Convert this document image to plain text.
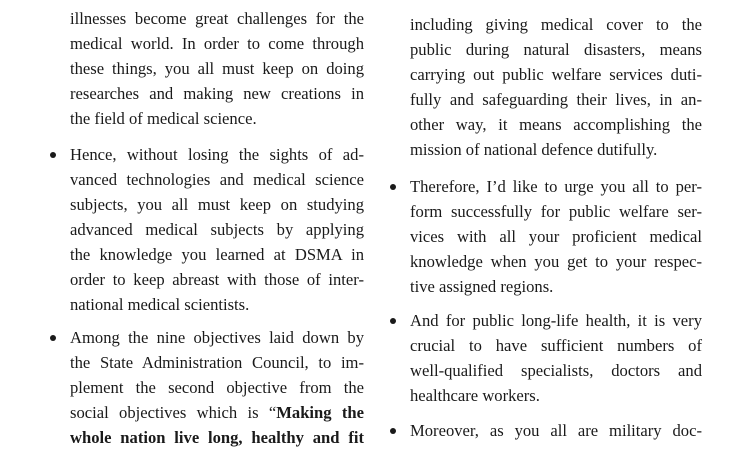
illnesses become great challenges for the
medical world. In order to come through
these things, you all must keep on doing
researches and making new creations in
the field of medical science.
Hence, without losing the sights of ad-
vanced technologies and medical science
subjects, you all must keep on studying
advanced medical subjects by applying
the knowledge you learned at DSMA in
order to keep abreast with those of inter-
national medical scientists.
Among the nine objectives laid down by
the State Administration Council, to im-
plement the second objective from the
social objectives which is “Making the
whole nation live long, healthy and fit
including giving medical cover to the
public during natural disasters, means
carrying out public welfare services duti-
fully and safeguarding their lives, in an-
other way, it means accomplishing the
mission of national defence dutifully.
Therefore, I’d like to urge you all to per-
form successfully for public welfare ser-
vices with all your proficient medical
knowledge when you get to your respec-
tive assigned regions.
And for public long-life health, it is very
crucial to have sufficient numbers of
well-qualified specialists, doctors and
healthcare workers.
Moreover, as you all are military doc-
